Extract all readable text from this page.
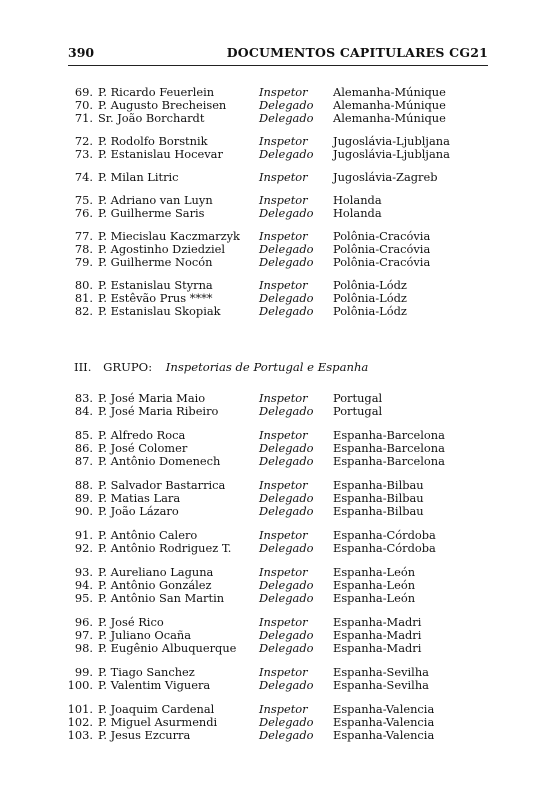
390	DOCUMENTOS CAPITULARES CG21
69. P. Ricardo Feuerlein	Inspetor Alemanha-Múnique
70. P. Augusto Brecheisen	Delegado Alemanha-Múnique
71. Sr. João Borchardt	Delegado Alemanha-Múnique
72. P. Rodolfo Borstnik	Inspetor Jugoslávia-Ljubljana
73. P. Estanislau Hocevar	Delegado Jugoslávia-Ljubljana
74. P. Milan Litric	Inspetor Jugoslávia-Zagreb
75. P. Adriano van Luyn	Inspetor Holanda
76. P. Guilherme Saris	Delegado Holanda
77. P. Miecislau Kaczmarzyk Inspetor Polônia-Cracóvia
78. P. Agostinho Dziedziel	Delegado Polônia-Cracóvia
79. P. Guilherme Nocón	Delegado Polônia-Cracóvia
80. P. Estanislau Styrna	Inspetor Polônia-Lódz
81. P. Estêvão Prus ****	Delegado Polônia-Lódz
82. P. Estanislau Skopiak	Delegado Polônia-Lódz
III. GRUPO: Inspetorias de Portugal e Espanha
83. P. José Maria Maio	Inspetor Portugal
84. P. José Maria Ribeiro	Delegado Portugal
85. P. Alfredo Roca	Inspetor Espanha-Barcelona
86. P. José Colomer	Delegado Espanha-Barcelona
87. P. Antônio Domenech	Delegado Espanha-Barcelona
88. P. Salvador Bastarrica	Inspetor Espanha-Bilbau
89. P. Matias Lara	Delegado Espanha-Bilbau
90. P. João Lázaro	Delegado Espanha-Bilbau
91. P. Antônio Calero	Inspetor Espanha-Córdoba
92. P. Antônio Rodriguez T. Delegado Espanha-Córdoba
93. P. Aureliano Laguna	Inspetor Espanha-León
94. P. Antônio González	Delegado Espanha-León
95. P. Antônio San Martin	Delegado Espanha-León
96. P. José Rico	Inspetor Espanha-Madri
97. P. Juliano Ocaña	Delegado Espanha-Madri
98. P. Eugênio Albuquerque Delegado Espanha-Madri
99. P. Tiago Sanchez	Inspetor Espanha-Sevilha
100. P. Valentim Viguera	Delegado Espanha-Sevilha
101. P. Joaquim Cardenal	Inspetor Espanha-Valencia
102. P. Miguel Asurmendi	Delegado Espanha-Valencia
103. P. Jesus Ezcurra	Delegado Espanha-Valencia
